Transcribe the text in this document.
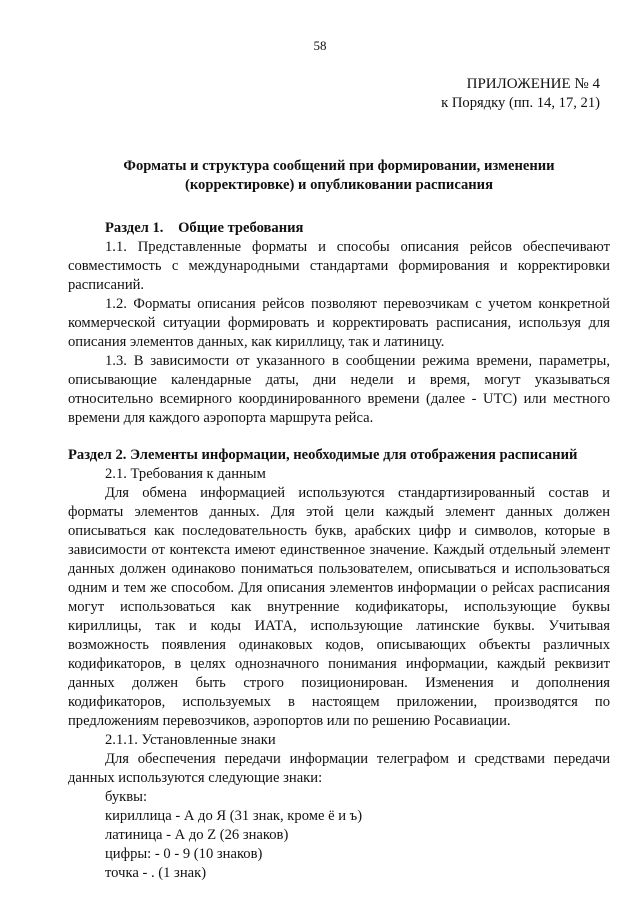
58
ПРИЛОЖЕНИЕ № 4
к Порядку (пп. 14, 17, 21)
Форматы и структура сообщений при формировании, изменении
(корректировке) и опубликовании расписания

Раздел 1. Общие требования

1.1. Представленные форматы и способы описания рейсов обеспечивают совместимость с международными стандартами формирования и корректировки расписаний.

1.2. Форматы описания рейсов позволяют перевозчикам с учетом конкретной коммерческой ситуации формировать и корректировать расписания, используя для описания элементов данных, как кириллицу, так и латиницу.

1.3. В зависимости от указанного в сообщении режима времени, параметры, описывающие календарные даты, дни недели и время, могут указываться относительно всемирного координированного времени (далее - UTC) или местного времени для каждого аэропорта маршрута рейса.

Раздел 2. Элементы информации, необходимые для отображения расписаний

2.1. Требования к данным

Для обмена информацией используются стандартизированный состав и форматы элементов данных. Для этой цели каждый элемент данных должен описываться как последовательность букв, арабских цифр и символов, которые в зависимости от контекста имеют единственное значение. Каждый отдельный элемент данных должен одинаково пониматься пользователем, описываться и использоваться одним и тем же способом. Для описания элементов информации о рейсах расписания могут использоваться как внутренние кодификаторы, использующие буквы кириллицы, так и коды ИАТА, использующие латинские буквы. Учитывая возможность появления одинаковых кодов, описывающих объекты различных кодификаторов, в целях однозначного понимания информации, каждый реквизит данных должен быть строго позиционирован. Изменения и дополнения кодификаторов, используемых в настоящем приложении, производятся по предложениям перевозчиков, аэропортов или по решению Росавиации.

2.1.1. Установленные знаки

Для обеспечения передачи информации телеграфом и средствами передачи данных используются следующие знаки:

буквы:
кириллица - А до Я (31 знак, кроме ё и ъ)
латиница - А до Z (26 знаков)
цифры: - 0 - 9 (10 знаков)
точка - . (1 знак)
